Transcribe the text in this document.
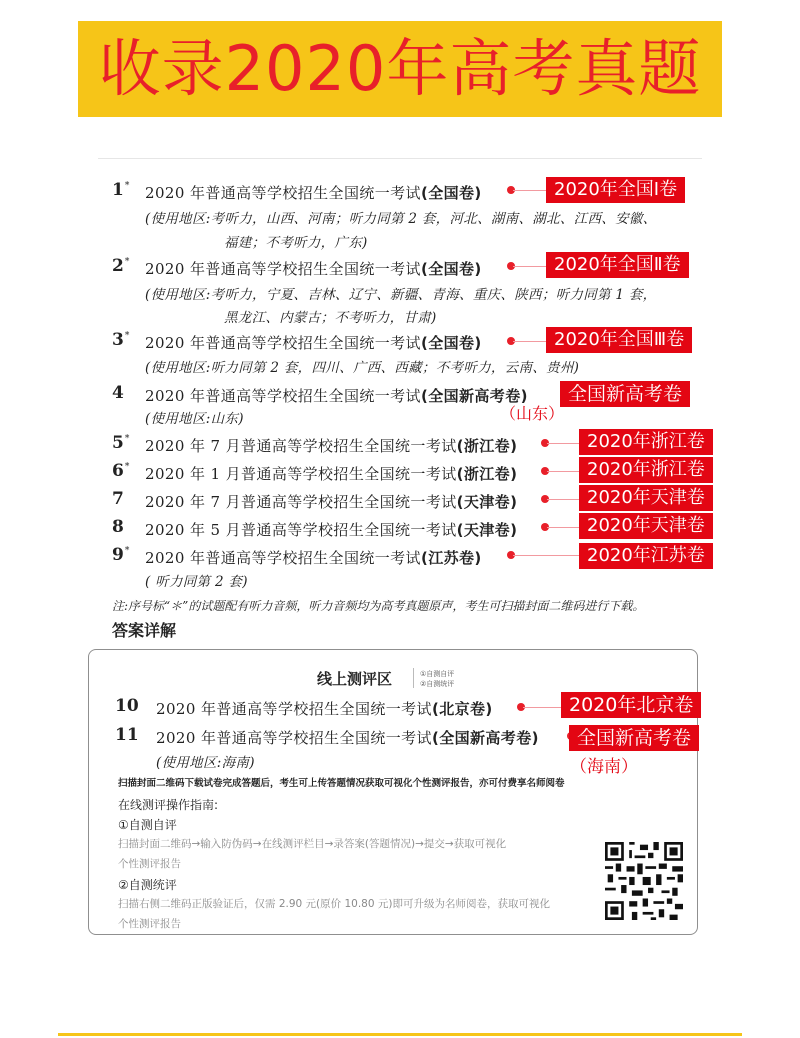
收录2020年高考真题
1* 2020 年普通高等学校招生全国统一考试(全国卷)
(使用地区:考听力，山西、河南；听力同第 2 套，河北、湖南、湖北、江西、安徽、
福建；不考听力，广东)
2020年全国Ⅰ卷
2* 2020 年普通高等学校招生全国统一考试(全国卷)
(使用地区:考听力，宁夏、吉林、辽宁、新疆、青海、重庆、陕西；听力同第 1 套，
黑龙江、内蒙古；不考听力，甘肃)
2020年全国Ⅱ卷
3* 2020 年普通高等学校招生全国统一考试(全国卷)
(使用地区:听力同第 2 套，四川、广西、西藏；不考听力，云南、贵州)
2020年全国Ⅲ卷
4 2020 年普通高等学校招生全国统一考试(全国新高考卷)
(使用地区:山东)
全国新高考卷
（山东）
5* 2020 年 7 月普通高等学校招生全国统一考试(浙江卷)	2020年浙江卷
6* 2020 年 1 月普通高等学校招生全国统一考试(浙江卷)	2020年浙江卷
7 2020 年 7 月普通高等学校招生全国统一考试(天津卷)	2020年天津卷
8 2020 年 5 月普通高等学校招生全国统一考试(天津卷)	2020年天津卷
9* 2020 年普通高等学校招生全国统一考试(江苏卷)
( 听力同第 2 套)
2020年江苏卷
注:序号标“＊”的试题配有听力音频，听力音频均为高考真题原声，考生可扫描封面二维码进行下载。
答案详解
线上测评区	①自测自评
②自测统评
10 2020 年普通高等学校招生全国统一考试(北京卷)	2020年北京卷
11 2020 年普通高等学校招生全国统一考试(全国新高考卷)	全国新高考卷
（海南）
(使用地区:海南)
扫描封面二维码下载试卷完成答题后，考生可上传答题情况获取可视化个性测评报告，亦可付费享名师阅卷
在线测评操作指南:
①自测自评
扫描封面二维码→输入防伪码→在线测评栏目→录答案(答题情况)→提交→获取可视化
个性测评报告
②自测统评
扫描右侧二维码正版验证后，仅需 2.90 元(原价 10.80 元)即可升级为名师阅卷，获取可视化
个性测评报告
